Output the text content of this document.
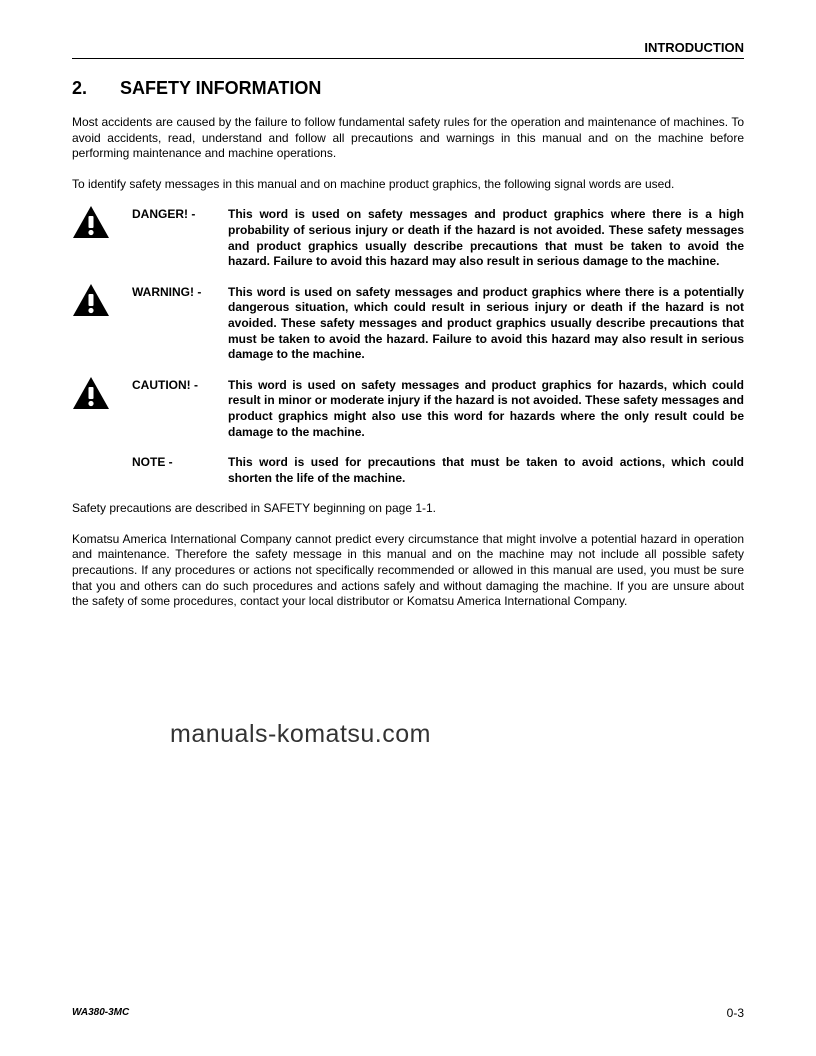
INTRODUCTION
2. SAFETY INFORMATION
Most accidents are caused by the failure to follow fundamental safety rules for the operation and maintenance of machines. To avoid accidents, read, understand and follow all precautions and warnings in this manual and on the machine before performing maintenance and machine operations.
To identify safety messages in this manual and on machine product graphics, the following signal words are used.
DANGER! -	This word is used on safety messages and product graphics where there is a high probability of serious injury or death if the hazard is not avoided. These safety messages and product graphics usually describe precautions that must be taken to avoid the hazard. Failure to avoid this hazard may also result in serious damage to the machine.
WARNING! - This word is used on safety messages and product graphics where there is a potentially dangerous situation, which could result in serious injury or death if the hazard is not avoided. These safety messages and product graphics usually describe precautions that must be taken to avoid the hazard. Failure to avoid this hazard may also result in serious damage to the machine.
CAUTION! -	This word is used on safety messages and product graphics for hazards, which could result in minor or moderate injury if the hazard is not avoided. These safety messages and product graphics might also use this word for hazards where the only result could be damage to the machine.
NOTE -	This word is used for precautions that must be taken to avoid actions, which could shorten the life of the machine.
Safety precautions are described in SAFETY beginning on page 1-1.
Komatsu America International Company cannot predict every circumstance that might involve a potential hazard in operation and maintenance. Therefore the safety message in this manual and on the machine may not include all possible safety precautions. If any procedures or actions not specifically recommended or allowed in this manual are used, you must be sure that you and others can do such procedures and actions safely and without damaging the machine. If you are unsure about the safety of some procedures, contact your local distributor or Komatsu America International Company.
manuals-komatsu.com
WA380-3MC	0-3
